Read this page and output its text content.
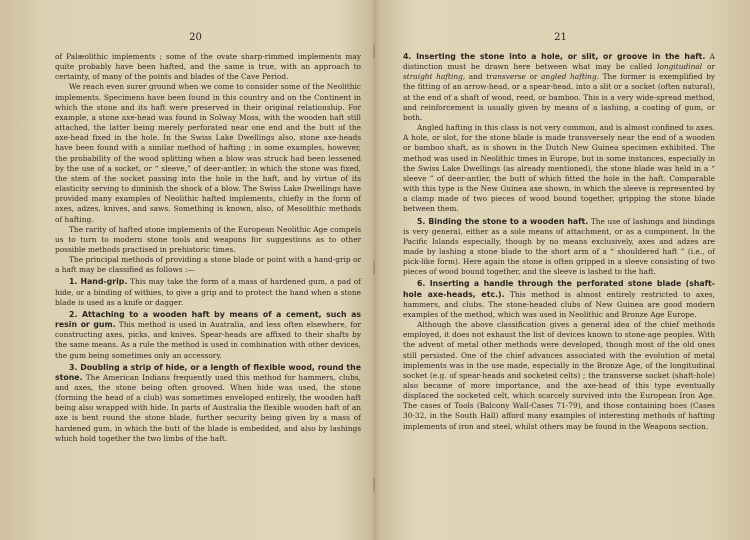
20

of Palæolithic implements ; some of the ovate sharp-rimmed implements may quite probably have been hafted, and the same is true, with an approach to certainty, of many of the points and blades of the Cave Period.

We reach even surer ground when we come to consider some of the Neolithic implements. Specimens have been found in this country and on the Continent in which the stone and its haft were preserved in their original relationship. For example, a stone axe-head was found in Solway Moss, with the wooden haft still attached, the latter being merely perforated near one end and the butt of the axe-head fixed in the hole. In the Swiss Lake Dwellings also, stone axe-heads have been found with a similar method of hafting ; in some examples, however, the probability of the wood splitting when a blow was struck had been lessened by the use of a socket, or “ sleeve,” of deer-antler, in which the stone was fixed, the stem of the socket passing into the hole in the haft, and by virtue of its elasticity serving to diminish the shock of a blow. The Swiss Lake Dwellings have provided many examples of Neolithic hafted implements, chiefly in the form of axes, adzes, knives, and saws. Something is known, also, of Mesolithic methods of hafting.

The rarity of hafted stone implements of the European Neolithic Age compels us to turn to modern stone tools and weapons for suggestions as to other possible methods practised in prehistoric times.

The principal methods of providing a stone blade or point with a hand-grip or a haft may be classified as follows :—

1. Hand-grip. This may take the form of a mass of hardened gum, a pad of hide, or a binding of withies, to give a grip and to protect the hand when a stone blade is used as a knife or dagger.

2. Attaching to a wooden haft by means of a cement, such as resin or gum. This method is used in Australia, and less often elsewhere, for constructing axes, picks, and knives. Spear-heads are affixed to their shafts by the same means. As a rule the method is used in combination with other devices, the gum being sometimes only an accessory.

3. Doubling a strip of hide, or a length of flexible wood, round the stone. The American Indians frequently used this method for hammers, clubs, and axes, the stone being often grooved. When hide was used, the stone (forming the head of a club) was sometimes enveloped entirely, the wooden haft being also wrapped with hide. In parts of Australia the flexible wooden haft of an axe is bent round the stone blade, further security being given by a mass of hardened gum, in which the butt of the blade is embedded, and also by lashings which hold together the two limbs of the haft.

21

4. Inserting the stone into a hole, or slit, or groove in the haft. A distinction must be drawn here between what may be called longitudinal or straight hafting, and transverse or angled hafting. The former is exemplified by the fitting of an arrow-head, or a spear-head, into a slit or a socket (often natural), at the end of a shaft of wood, reed, or bamboo. This is a very wide-spread method, and reinforcement is usually given by means of a lashing, a coating of gum, or both.

Angled hafting in this class is not very common, and is almost confined to axes. A hole, or slot, for the stone blade is made transversely near the end of a wooden or bamboo shaft, as is shown in the Dutch New Guinea specimen exhibited. The method was used in Neolithic times in Europe, but in some instances, especially in the Swiss Lake Dwellings (as already mentioned), the stone blade was held in a “ sleeve ” of deer-antler, the butt of which fitted the hole in the haft. Comparable with this type is the New Guinea axe shown, in which the sleeve is represented by a clamp made of two pieces of wood bound together, gripping the stone blade between them.

5. Binding the stone to a wooden haft. The use of lashings and bindings is very general, either as a sole means of attachment, or as a component. In the Pacific Islands especially, though by no means exclusively, axes and adzes are made by lashing a stone blade to the short arm of a “ shouldered haft ” (i.e., of pick-like form). Here again the stone is often gripped in a sleeve consisting of two pieces of wood bound together, and the sleeve is lashed to the haft.

6. Inserting a handle through the perforated stone blade (shaft-hole axe-heads, etc.). This method is almost entirely restricted to axes, hammers, and clubs. The stone-headed clubs of New Guinea are good modern examples of the method, which was used in Neolithic and Bronze Age Europe.

Although the above classification gives a general idea of the chief methods employed, it does not exhaust the list of devices known to stone-age peoples. With the advent of metal other methods were developed, though most of the old ones still persisted. One of the chief advances associated with the evolution of metal implements was in the use made, especially in the Bronze Age, of the longitudinal socket (e.g. of spear-heads and socketed celts) ; the transverse socket (shaft-hole) also became of more importance, and the axe-head of this type eventually displaced the socketed celt, which scarcely survived into the European Iron Age. The cases of Tools (Balcony Wall-Cases 71-79), and those containing hoes (Cases 30-32, in the South Hall) afford many examples of interesting methods of hafting implements of iron and steel, whilst others may be found in the Weapons section.
